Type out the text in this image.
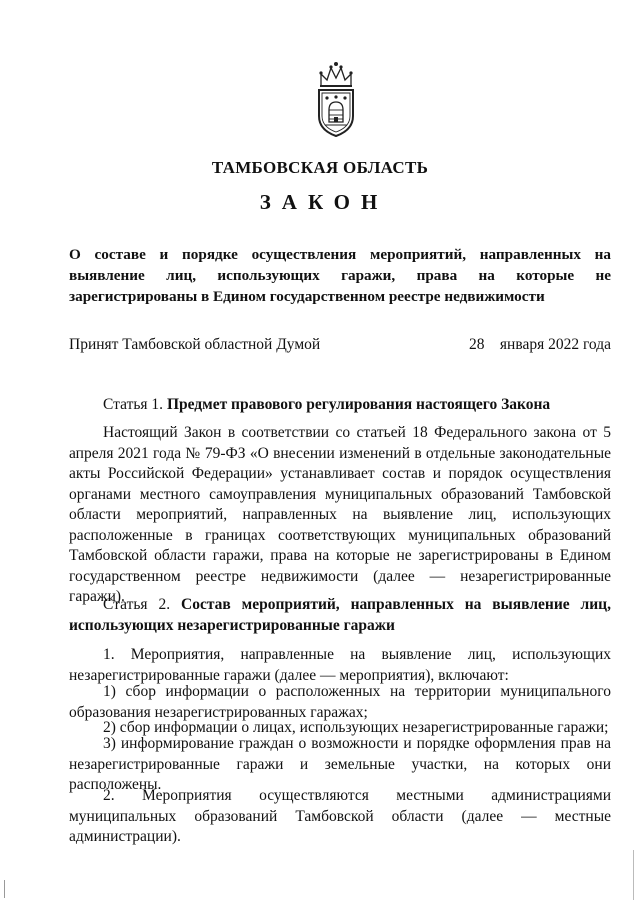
ТАМБОВСКАЯ ОБЛАСТЬ
ЗАКОН
О составе и порядке осуществления мероприятий, направленных на выявление лиц, использующих гаражи, права на которые не зарегистрированы в Едином государственном реестре недвижимости
Принят Тамбовской областной Думой	28 января 2022 года
Статья 1. Предмет правового регулирования настоящего Закона
Настоящий Закон в соответствии со статьей 18 Федерального закона от 5 апреля 2021 года № 79-ФЗ «О внесении изменений в отдельные законодательные акты Российской Федерации» устанавливает состав и порядок осуществления органами местного самоуправления муниципальных образований Тамбовской области мероприятий, направленных на выявление лиц, использующих расположенные в границах соответствующих муниципальных образований Тамбовской области гаражи, права на которые не зарегистрированы в Едином государственном реестре недвижимости (далее — незарегистрированные гаражи).
Статья 2. Состав мероприятий, направленных на выявление лиц, использующих незарегистрированные гаражи
1. Мероприятия, направленные на выявление лиц, использующих незарегистрированные гаражи (далее — мероприятия), включают:
1) сбор информации о расположенных на территории муниципального образования незарегистрированных гаражах;
2) сбор информации о лицах, использующих незарегистрированные гаражи;
3) информирование граждан о возможности и порядке оформления прав на незарегистрированные гаражи и земельные участки, на которых они расположены.
2. Мероприятия осуществляются местными администрациями муниципальных образований Тамбовской области (далее — местные администрации).
